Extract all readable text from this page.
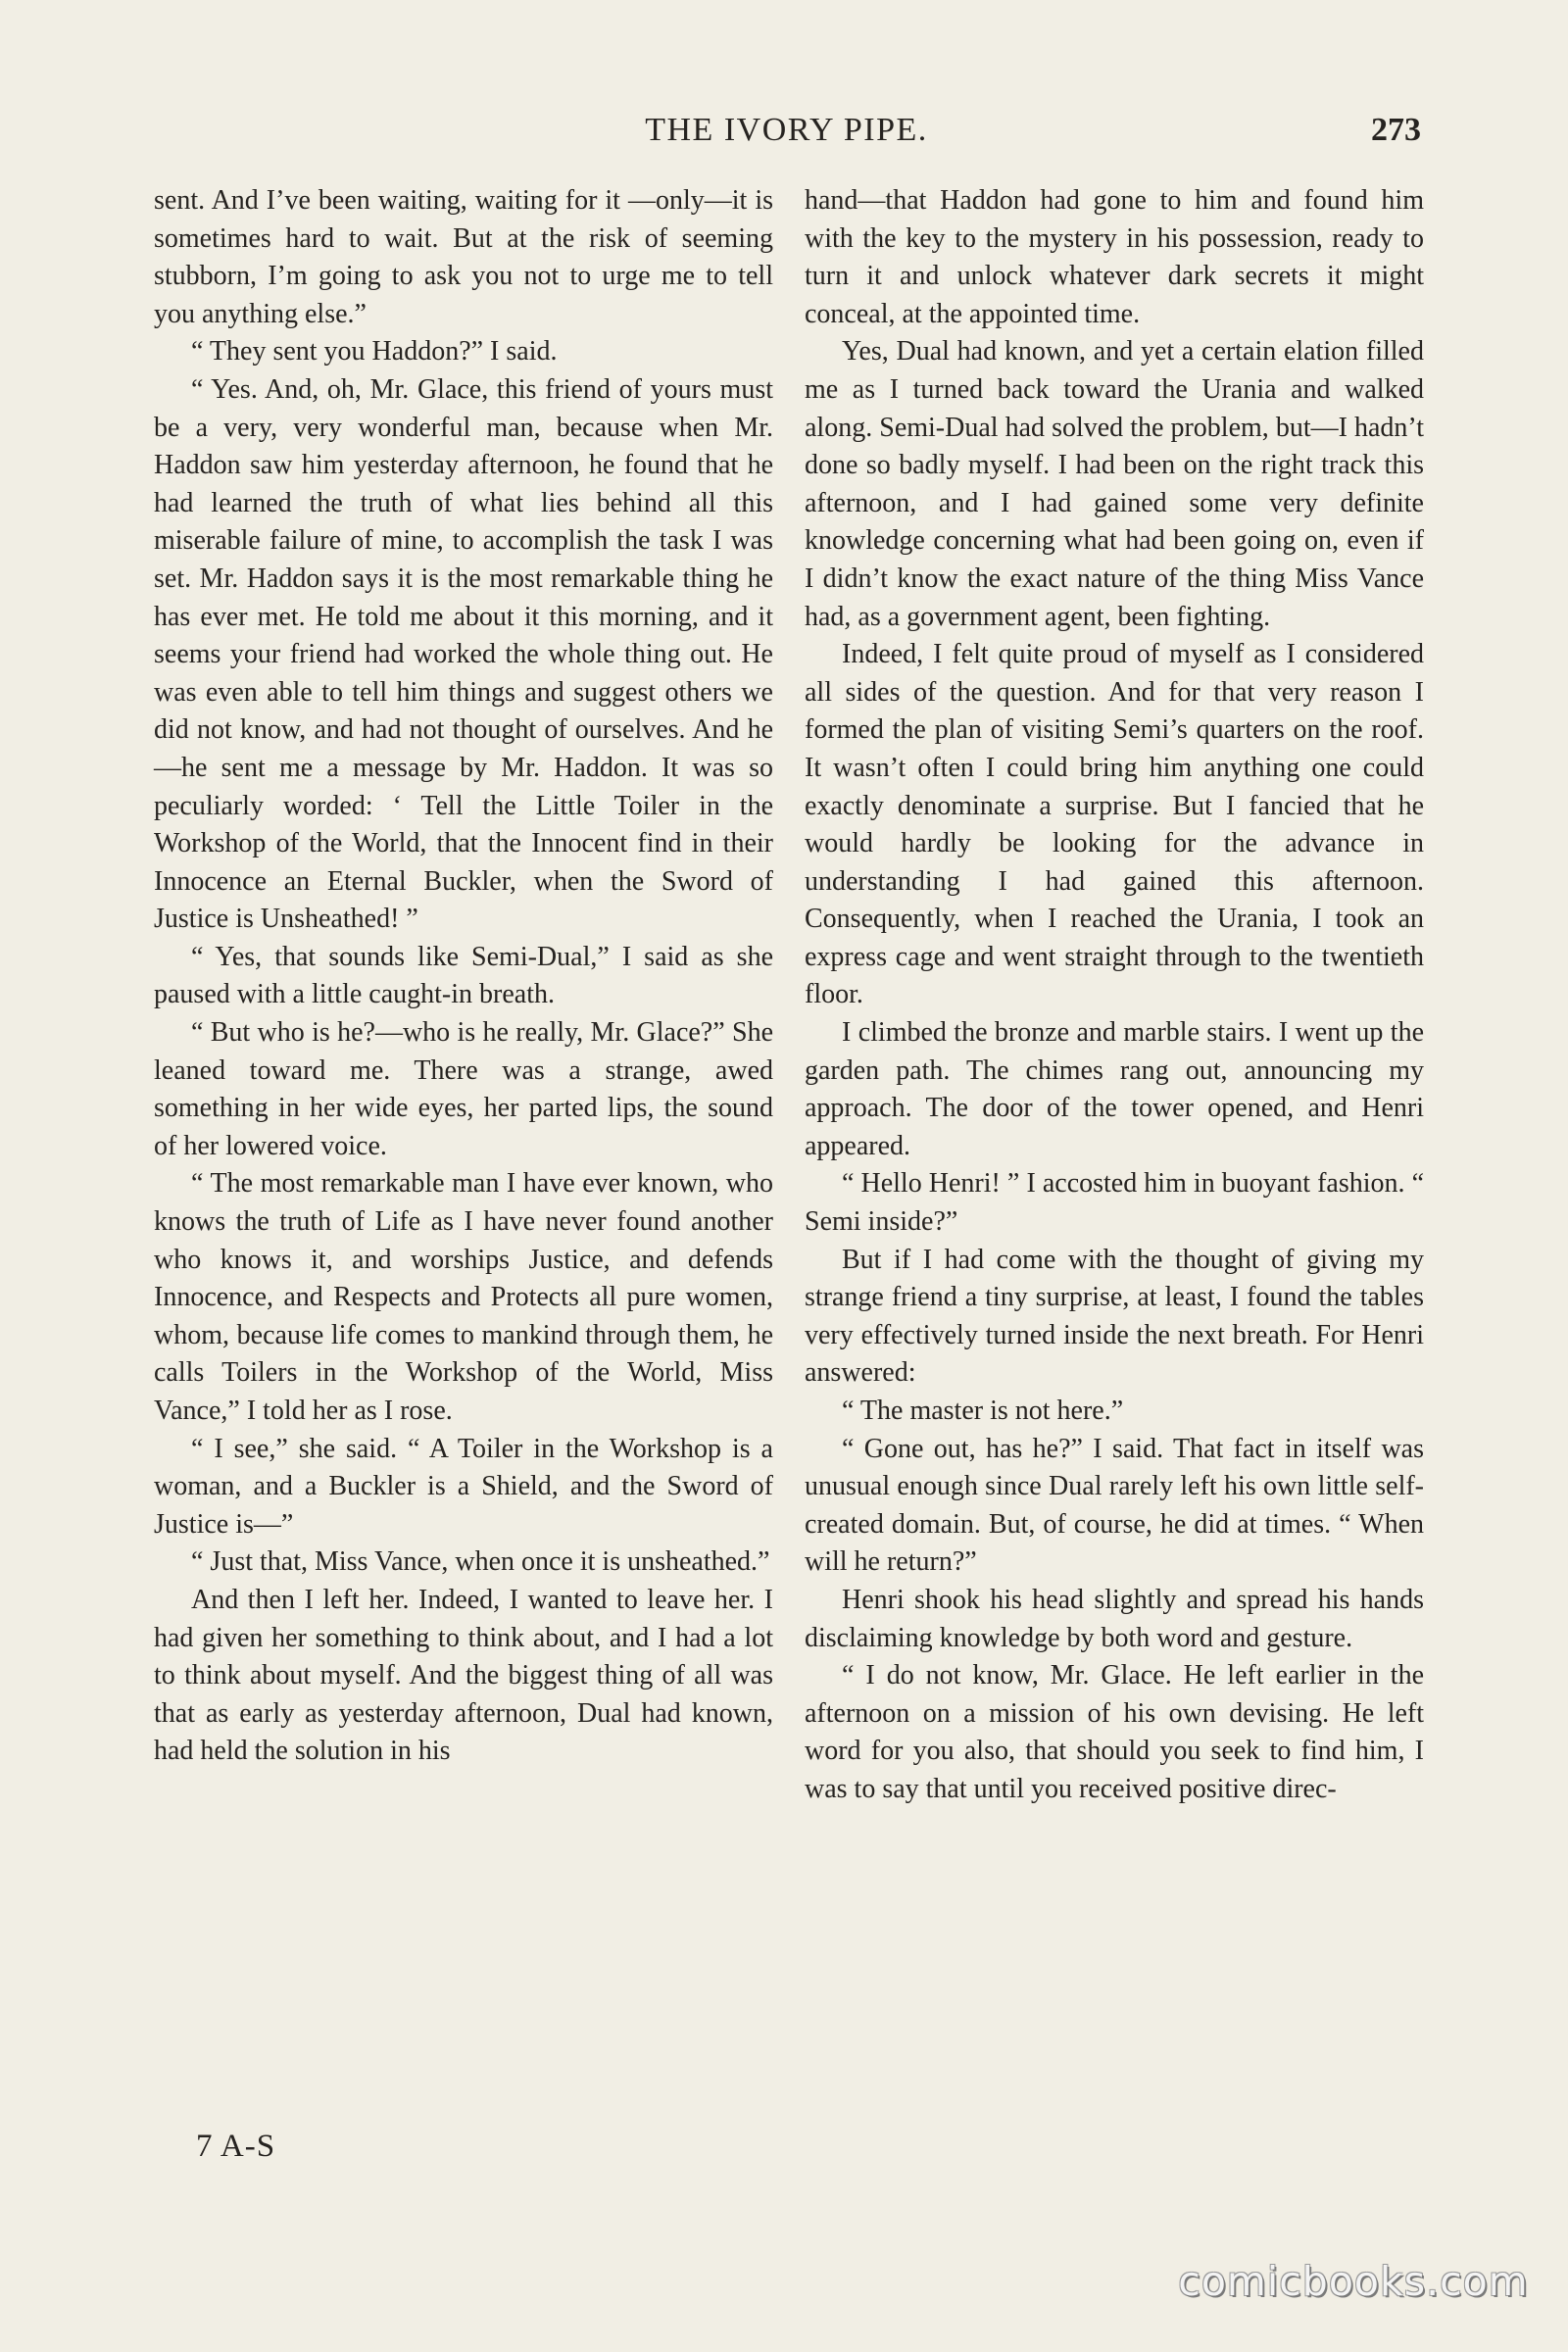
THE IVORY PIPE.	273

sent. And I’ve been waiting, waiting for it —only—it is sometimes hard to wait. But at the risk of seeming stubborn, I’m going to ask you not to urge me to tell you anything else.”

“ They sent you Haddon?” I said.

“ Yes. And, oh, Mr. Glace, this friend of yours must be a very, very wonderful man, because when Mr. Haddon saw him yesterday afternoon, he found that he had learned the truth of what lies behind all this miserable failure of mine, to accomplish the task I was set. Mr. Haddon says it is the most remarkable thing he has ever met. He told me about it this morning, and it seems your friend had worked the whole thing out. He was even able to tell him things and suggest others we did not know, and had not thought of ourselves. And he—he sent me a message by Mr. Haddon. It was so peculiarly worded: ‘ Tell the Little Toiler in the Workshop of the World, that the Innocent find in their Innocence an Eternal Buckler, when the Sword of Justice is Unsheathed! ”

“ Yes, that sounds like Semi-Dual,” I said as she paused with a little caught-in breath.

“ But who is he?—who is he really, Mr. Glace?” She leaned toward me. There was a strange, awed something in her wide eyes, her parted lips, the sound of her lowered voice.

“ The most remarkable man I have ever known, who knows the truth of Life as I have never found another who knows it, and worships Justice, and defends Innocence, and Respects and Protects all pure women, whom, because life comes to mankind through them, he calls Toilers in the Workshop of the World, Miss Vance,” I told her as I rose.

“ I see,” she said. “ A Toiler in the Workshop is a woman, and a Buckler is a Shield, and the Sword of Justice is—”

“ Just that, Miss Vance, when once it is unsheathed.”

And then I left her. Indeed, I wanted to leave her. I had given her something to think about, and I had a lot to think about myself. And the biggest thing of all was that as early as yesterday afternoon, Dual had known, had held the solution in his

hand—that Haddon had gone to him and found him with the key to the mystery in his possession, ready to turn it and unlock whatever dark secrets it might conceal, at the appointed time.

Yes, Dual had known, and yet a certain elation filled me as I turned back toward the Urania and walked along. Semi-Dual had solved the problem, but—I hadn’t done so badly myself. I had been on the right track this afternoon, and I had gained some very definite knowledge concerning what had been going on, even if I didn’t know the exact nature of the thing Miss Vance had, as a government agent, been fighting.

Indeed, I felt quite proud of myself as I considered all sides of the question. And for that very reason I formed the plan of visiting Semi’s quarters on the roof. It wasn’t often I could bring him anything one could exactly denominate a surprise. But I fancied that he would hardly be looking for the advance in understanding I had gained this afternoon. Consequently, when I reached the Urania, I took an express cage and went straight through to the twentieth floor.

I climbed the bronze and marble stairs. I went up the garden path. The chimes rang out, announcing my approach. The door of the tower opened, and Henri appeared.

“ Hello Henri! ” I accosted him in buoyant fashion. “ Semi inside?”

But if I had come with the thought of giving my strange friend a tiny surprise, at least, I found the tables very effectively turned inside the next breath. For Henri answered:

“ The master is not here.”

“ Gone out, has he?” I said. That fact in itself was unusual enough since Dual rarely left his own little self-created domain. But, of course, he did at times. “ When will he return?”

Henri shook his head slightly and spread his hands disclaiming knowledge by both word and gesture.

“ I do not know, Mr. Glace. He left earlier in the afternoon on a mission of his own devising. He left word for you also, that should you seek to find him, I was to say that until you received positive direc-

7 A-S
comicbooks.com
